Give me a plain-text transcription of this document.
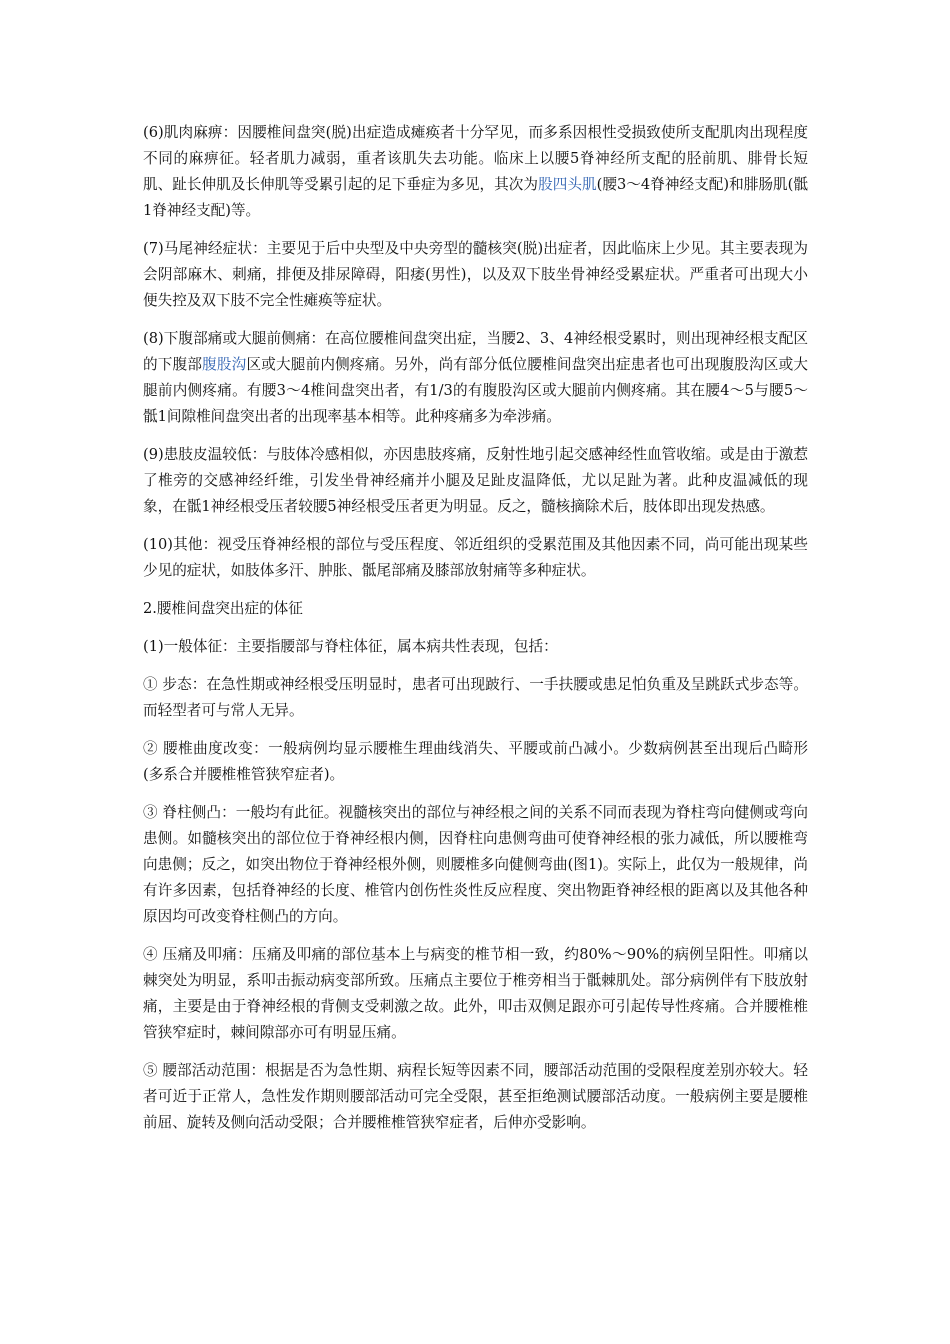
(6)肌肉麻痹：因腰椎间盘突(脱)出症造成瘫痪者十分罕见，而多系因根性受损致使所支配肌肉出现程度不同的麻痹征。轻者肌力减弱，重者该肌失去功能。临床上以腰5脊神经所支配的胫前肌、腓骨长短肌、趾长伸肌及长伸肌等受累引起的足下垂症为多见，其次为股四头肌(腰3～4脊神经支配)和腓肠肌(骶1脊神经支配)等。

(7)马尾神经症状：主要见于后中央型及中央旁型的髓核突(脱)出症者，因此临床上少见。其主要表现为会阴部麻木、刺痛，排便及排尿障碍，阳痿(男性)，以及双下肢坐骨神经受累症状。严重者可出现大小便失控及双下肢不完全性瘫痪等症状。

(8)下腹部痛或大腿前侧痛：在高位腰椎间盘突出症，当腰2、3、4神经根受累时，则出现神经根支配区的下腹部腹股沟区或大腿前内侧疼痛。另外，尚有部分低位腰椎间盘突出症患者也可出现腹股沟区或大腿前内侧疼痛。有腰3～4椎间盘突出者，有1/3的有腹股沟区或大腿前内侧疼痛。其在腰4～5与腰5～骶1间隙椎间盘突出者的出现率基本相等。此种疼痛多为牵涉痛。

(9)患肢皮温较低：与肢体冷感相似，亦因患肢疼痛，反射性地引起交感神经性血管收缩。或是由于激惹了椎旁的交感神经纤维，引发坐骨神经痛并小腿及足趾皮温降低，尤以足趾为著。此种皮温减低的现象，在骶1神经根受压者较腰5神经根受压者更为明显。反之，髓核摘除术后，肢体即出现发热感。

(10)其他：视受压脊神经根的部位与受压程度、邻近组织的受累范围及其他因素不同，尚可能出现某些少见的症状，如肢体多汗、肿胀、骶尾部痛及膝部放射痛等多种症状。

2.腰椎间盘突出症的体征

(1)一般体征：主要指腰部与脊柱体征，属本病共性表现，包括：

① 步态：在急性期或神经根受压明显时，患者可出现跛行、一手扶腰或患足怕负重及呈跳跃式步态等。而轻型者可与常人无异。

② 腰椎曲度改变：一般病例均显示腰椎生理曲线消失、平腰或前凸减小。少数病例甚至出现后凸畸形(多系合并腰椎椎管狭窄症者)。

③ 脊柱侧凸：一般均有此征。视髓核突出的部位与神经根之间的关系不同而表现为脊柱弯向健侧或弯向患侧。如髓核突出的部位位于脊神经根内侧，因脊柱向患侧弯曲可使脊神经根的张力减低，所以腰椎弯向患侧；反之，如突出物位于脊神经根外侧，则腰椎多向健侧弯曲(图1)。实际上，此仅为一般规律，尚有许多因素，包括脊神经的长度、椎管内创伤性炎性反应程度、突出物距脊神经根的距离以及其他各种原因均可改变脊柱侧凸的方向。

④ 压痛及叩痛：压痛及叩痛的部位基本上与病变的椎节相一致，约80%～90%的病例呈阳性。叩痛以棘突处为明显，系叩击振动病变部所致。压痛点主要位于椎旁相当于骶棘肌处。部分病例伴有下肢放射痛，主要是由于脊神经根的背侧支受刺激之故。此外，叩击双侧足跟亦可引起传导性疼痛。合并腰椎椎管狭窄症时，棘间隙部亦可有明显压痛。

⑤ 腰部活动范围：根据是否为急性期、病程长短等因素不同，腰部活动范围的受限程度差别亦较大。轻者可近于正常人，急性发作期则腰部活动可完全受限，甚至拒绝测试腰部活动度。一般病例主要是腰椎前屈、旋转及侧向活动受限；合并腰椎椎管狭窄症者，后伸亦受影响。
